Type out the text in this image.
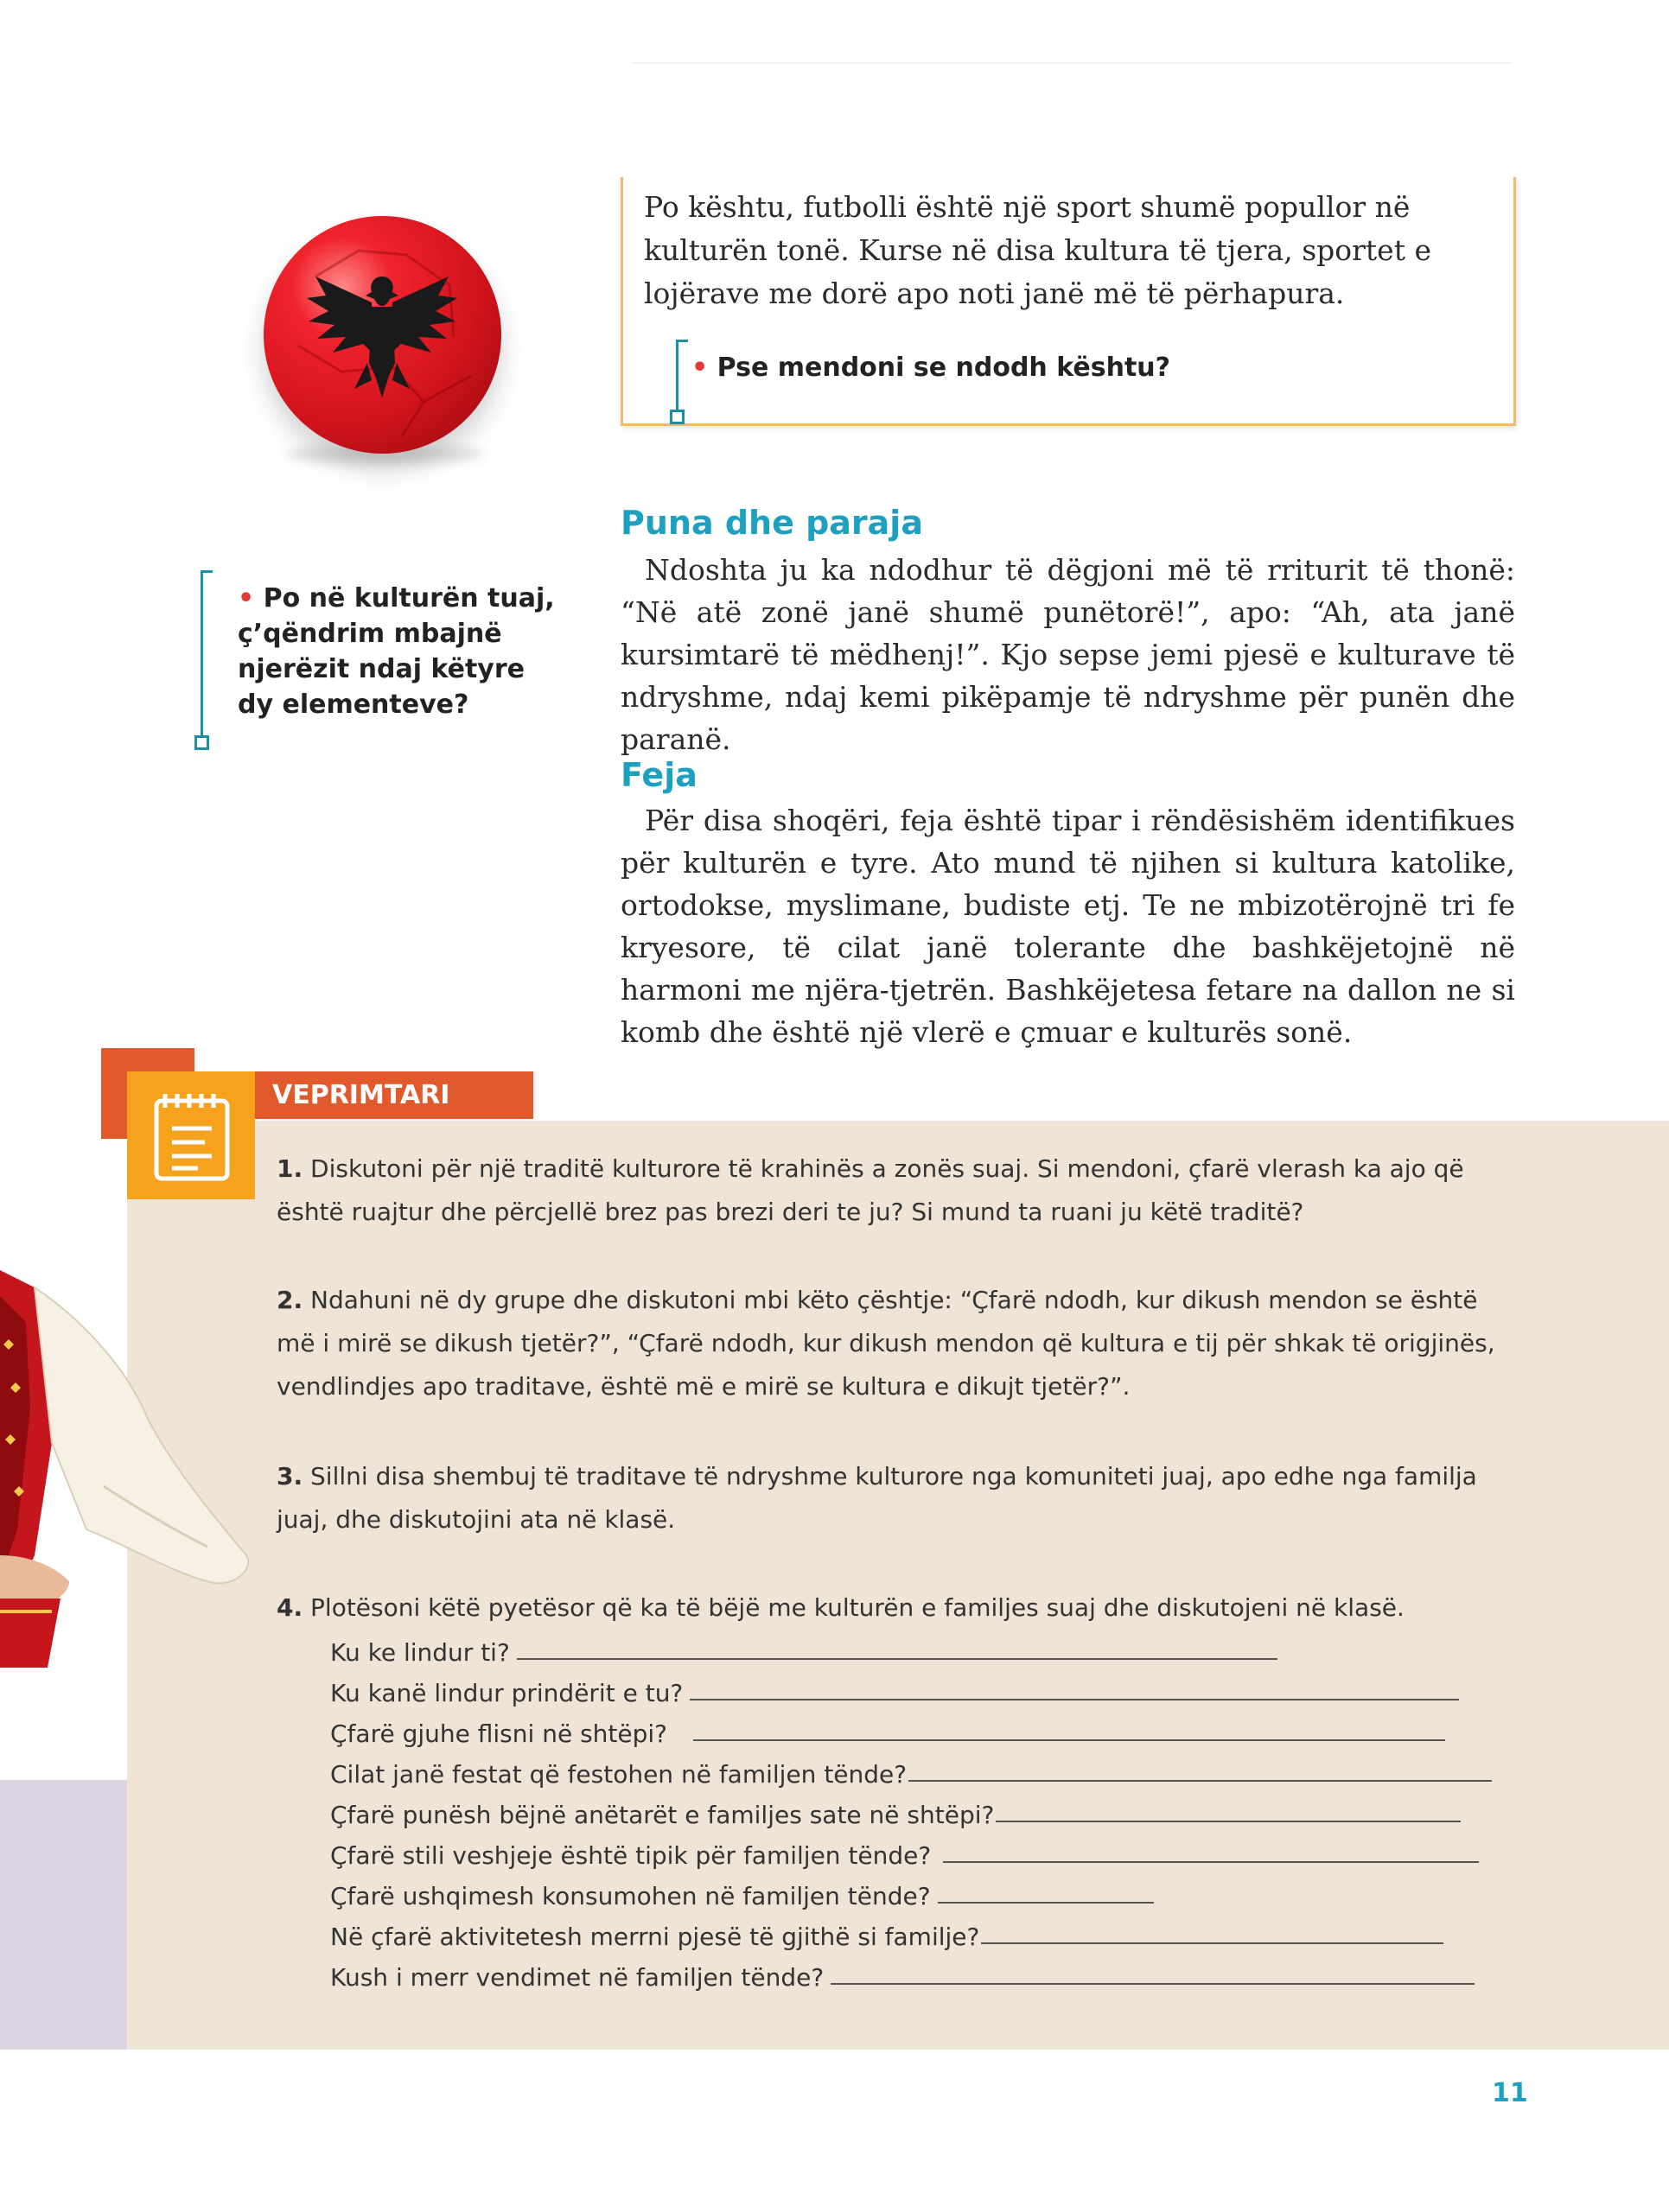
Po kështu, futbolli është një sport shumë popullor në kulturën tonë. Kurse në disa kultura të tjera, sportet e lojërave me dorë apo noti janë më të përhapura.
• Pse mendoni se ndodh kështu?
• Po në kulturën tuaj, ç’qëndrim mbajnë njerëzit ndaj këtyre dy elementeve?
Puna dhe paraja
Ndoshta ju ka ndodhur të dëgjoni më të rriturit të thonë: “Në atë zonë janë shumë punëtorë!”, apo: “Ah, ata janë kursimtarë të mëdhenj!”. Kjo sepse jemi pjesë e kulturave të ndryshme, ndaj kemi pikëpamje të ndryshme për punën dhe paranë.
Feja
Për disa shoqëri, feja është tipar i rëndësishëm identifikues për kulturën e tyre. Ato mund të njihen si kultura katolike, ortodokse, myslimane, budiste etj. Te ne mbizotërojnë tri fe kryesore, të cilat janë tolerante dhe bashkëjetojnë në harmoni me njëra-tjetrën. Bashkëjetesa fetare na dallon ne si komb dhe është një vlerë e çmuar e kulturës sonë.
VEPRIMTARI
1. Diskutoni për një traditë kulturore të krahinës a zonës suaj. Si mendoni, çfarë vlerash ka ajo që është ruajtur dhe përcjellë brez pas brezi deri te ju? Si mund ta ruani ju këtë traditë?
2. Ndahuni në dy grupe dhe diskutoni mbi këto çështje: “Çfarë ndodh, kur dikush mendon se është më i mirë se dikush tjetër?”, “Çfarë ndodh, kur dikush mendon që kultura e tij për shkak të origjinës, vendlindjes apo traditave, është më e mirë se kultura e dikujt tjetër?”.
3. Sillni disa shembuj të traditave të ndryshme kulturore nga komuniteti juaj, apo edhe nga familja juaj, dhe diskutojini ata në klasë.
4. Plotësoni këtë pyetësor që ka të bëjë me kulturën e familjes suaj dhe diskutojeni në klasë.
Ku ke lindur ti?
Ku kanë lindur prindërit e tu?
Çfarë gjuhe flisni në shtëpi?
Cilat janë festat që festohen në familjen tënde?
Çfarë punësh bëjnë anëtarët e familjes sate në shtëpi?
Çfarë stili veshjeje është tipik për familjen tënde?
Çfarë ushqimesh konsumohen në familjen tënde?
Në çfarë aktivitetesh merrni pjesë të gjithë si familje?
Kush i merr vendimet në familjen tënde?
11
